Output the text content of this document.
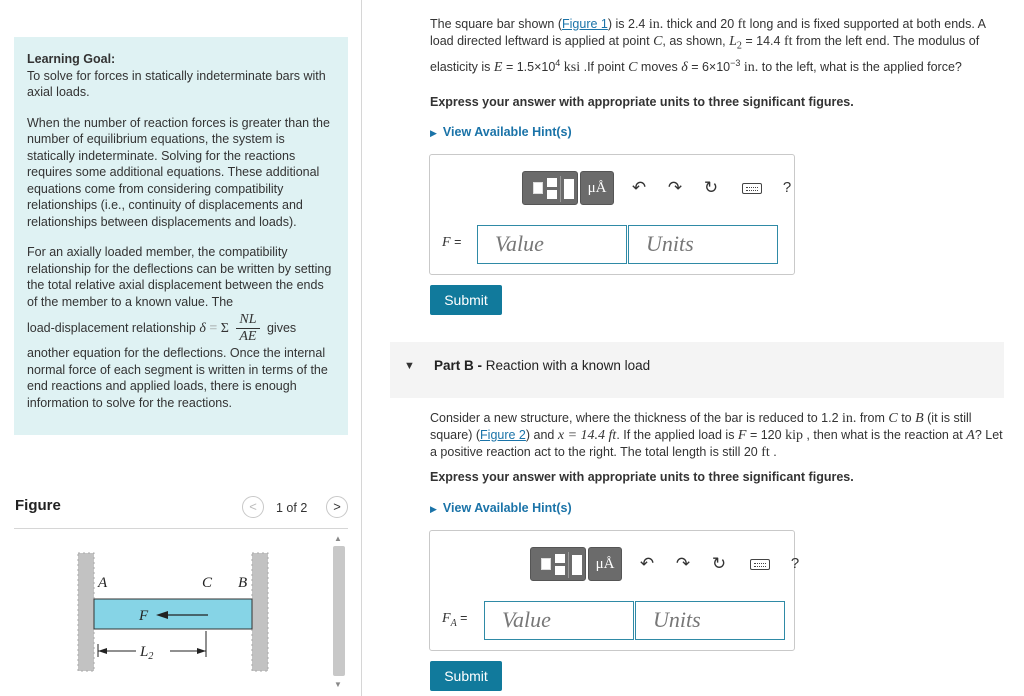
Learning Goal:
To solve for forces in statically indeterminate bars with axial loads.

When the number of reaction forces is greater than the number of equilibrium equations, the system is statically indeterminate. Solving for the reactions requires some additional equations. These additional equations come from considering compatibility relationships (i.e., continuity of displacements and relationships between displacements and loads).

For an axially loaded member, the compatibility relationship for the deflections can be written by setting the total relative axial displacement between the ends of the member to a known value. The
load-displacement relationship δ = Σ $\frac{NL}{AE}$ gives
another equation for the deflections. Once the internal normal force of each segment is written in terms of the end reactions and applied loads, there is enough information to solve for the reactions.

Figure	<	1 of 2	>
A	C B
F
$L_2$
▲
▼
The square bar shown (Figure 1) is 2.4 in. thick and 20 ft long and is fixed supported at both ends. A load directed leftward is applied at point C, as shown, $L_2 = 14.4$ ft from the left end. The modulus of elasticity is $E = 1.5\times 10^4$ ksi .If point C moves $\delta = 6\times 10^{-3}$ in. to the left, what is the applied force?
Express your answer with appropriate units to three significant figures.
▶ View Available Hint(s)
μÅ	↶	↷	↻	?
F =	Value	Units
Submit
▼ Part B - Reaction with a known load
Consider a new structure, where the thickness of the bar is reduced to 1.2 in. from C to B (it is still square) (Figure 2) and x = 14.4 ft. If the applied load is F = 120 kip , then what is the reaction at A? Let a positive reaction act to the right. The total length is still 20 ft .
Express your answer with appropriate units to three significant figures.
▶ View Available Hint(s)
μÅ	↶	↷	↻	?
$F_A$ =	Value	Units
Submit
